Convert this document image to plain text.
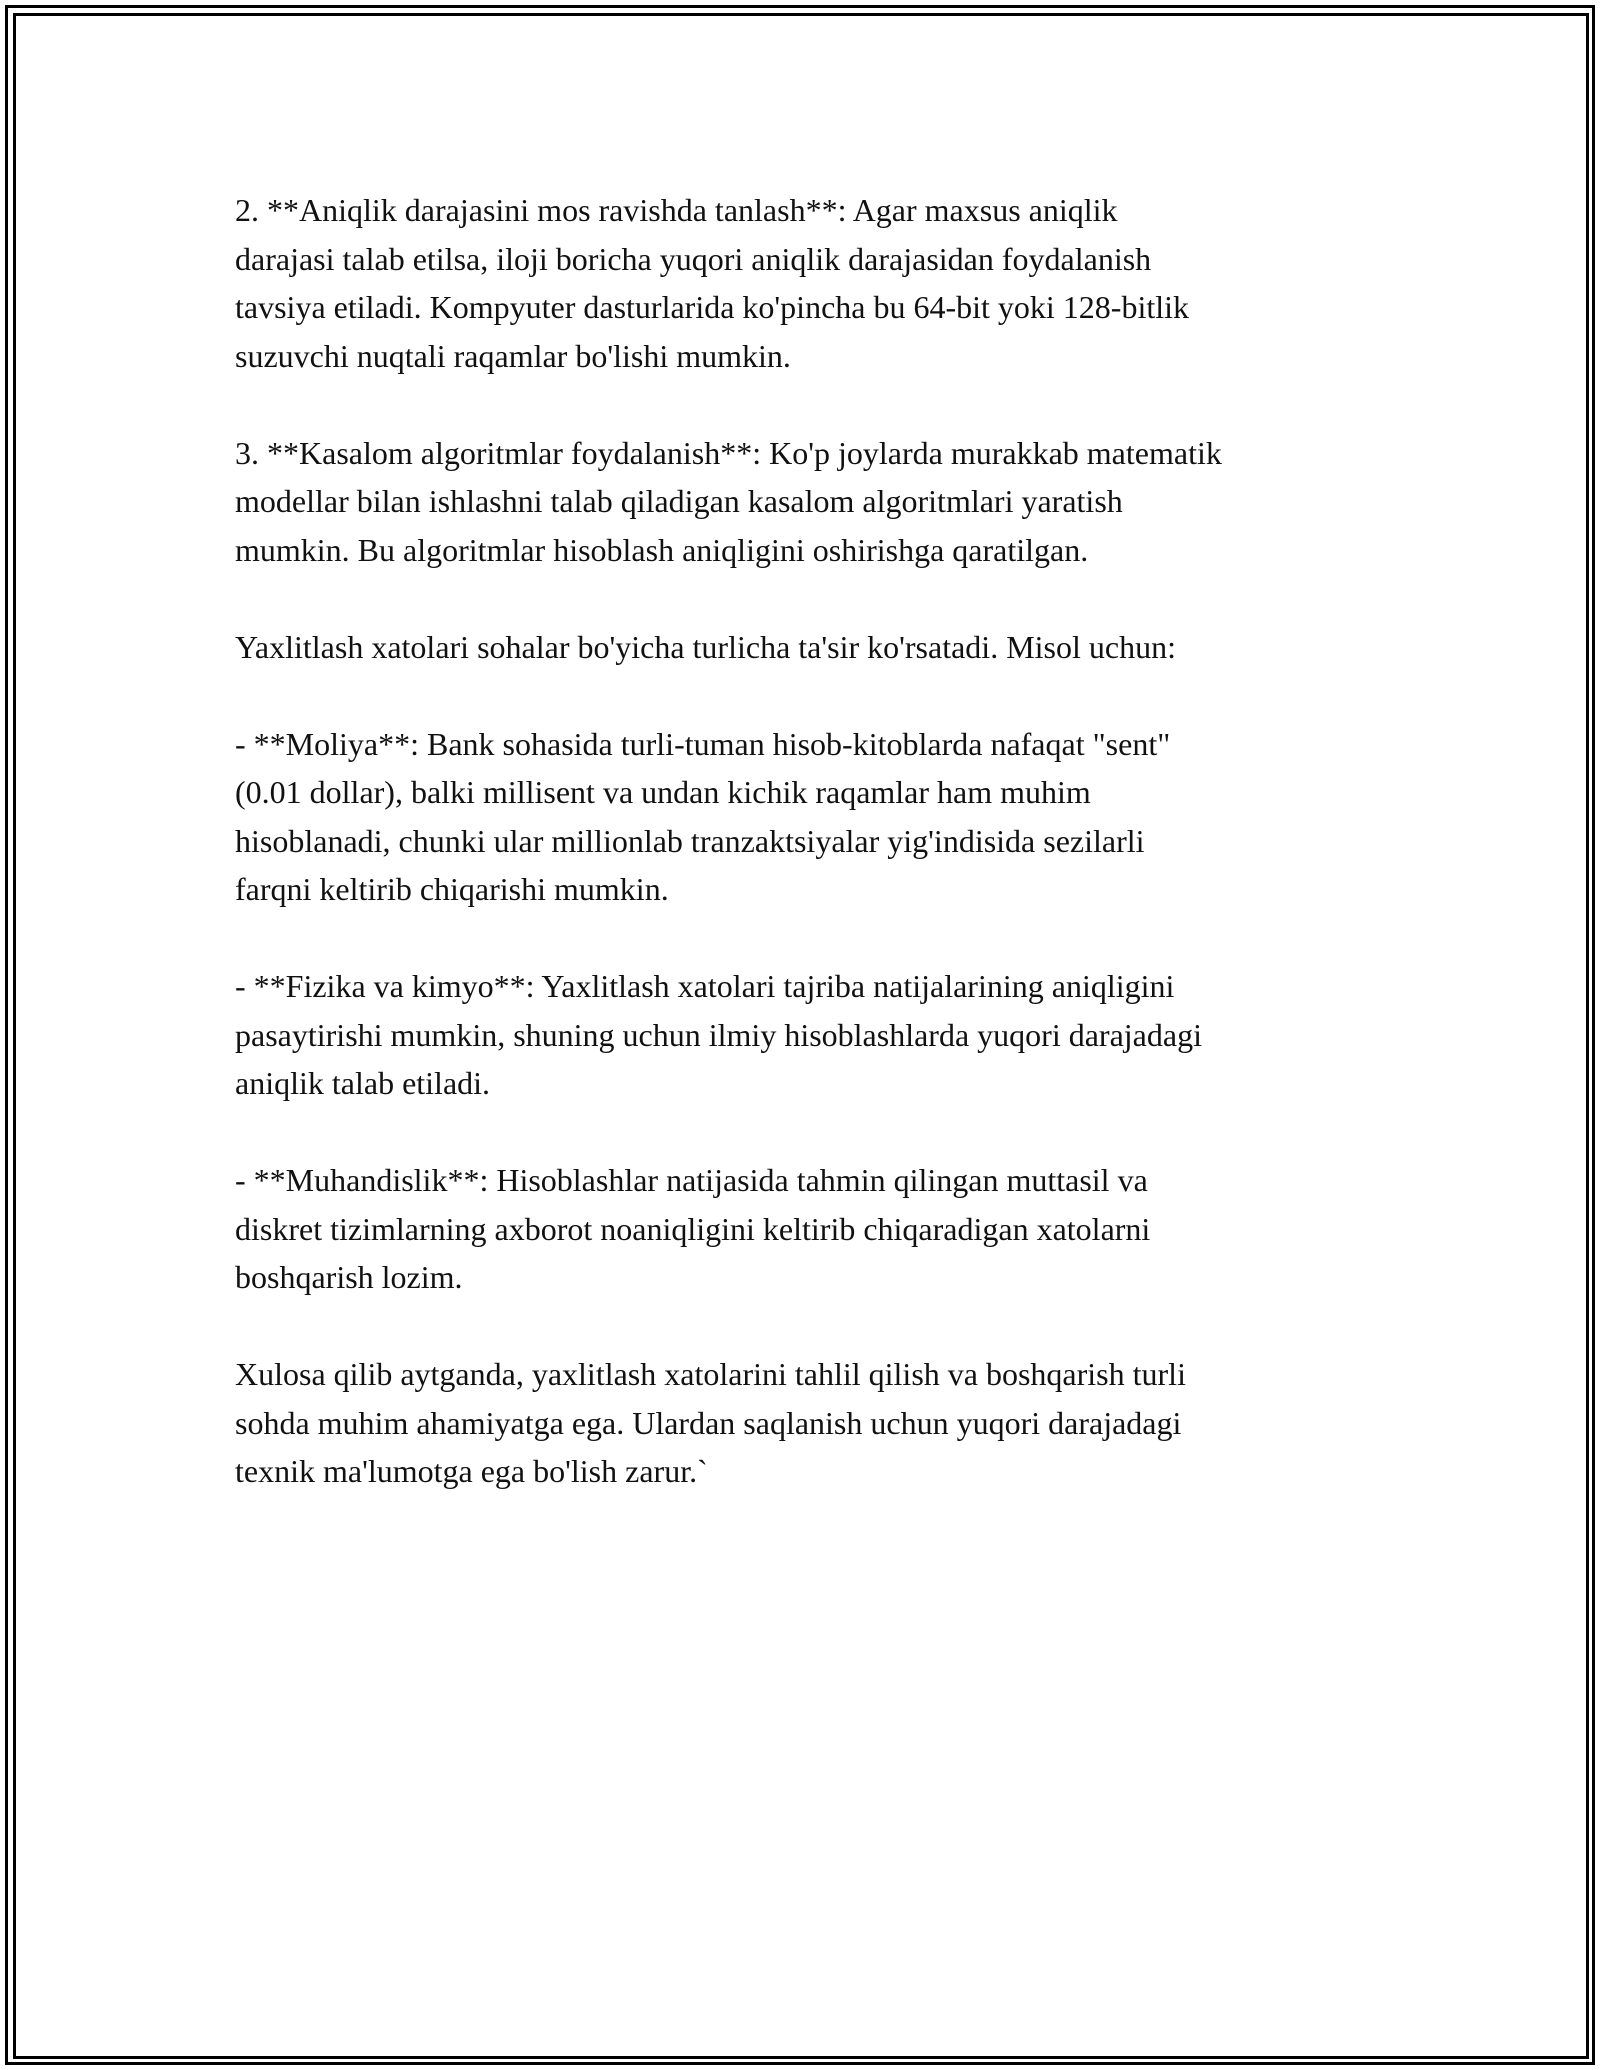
2. **Aniqlik darajasini mos ravishda tanlash**: Agar maxsus aniqlik
darajasi talab etilsa, iloji boricha yuqori aniqlik darajasidan foydalanish
tavsiya etiladi. Kompyuter dasturlarida ko'pincha bu 64-bit yoki 128-bitlik
suzuvchi nuqtali raqamlar bo'lishi mumkin.

3. **Kasalom algoritmlar foydalanish**: Ko'p joylarda murakkab matematik
modellar bilan ishlashni talab qiladigan kasalom algoritmlari yaratish
mumkin. Bu algoritmlar hisoblash aniqligini oshirishga qaratilgan.

Yaxlitlash xatolari sohalar bo'yicha turlicha ta'sir ko'rsatadi. Misol uchun:

- **Moliya**: Bank sohasida turli-tuman hisob-kitoblarda nafaqat "sent"
(0.01 dollar), balki millisent va undan kichik raqamlar ham muhim
hisoblanadi, chunki ular millionlab tranzaktsiyalar yig'indisida sezilarli
farqni keltirib chiqarishi mumkin.

- **Fizika va kimyo**: Yaxlitlash xatolari tajriba natijalarining aniqligini
pasaytirishi mumkin, shuning uchun ilmiy hisoblashlarda yuqori darajadagi
aniqlik talab etiladi.

- **Muhandislik**: Hisoblashlar natijasida tahmin qilingan muttasil va
diskret tizimlarning axborot noaniqligini keltirib chiqaradigan xatolarni
boshqarish lozim.

Xulosa qilib aytganda, yaxlitlash xatolarini tahlil qilish va boshqarish turli
sohda muhim ahamiyatga ega. Ulardan saqlanish uchun yuqori darajadagi
texnik ma'lumotga ega bo'lish zarur.`
